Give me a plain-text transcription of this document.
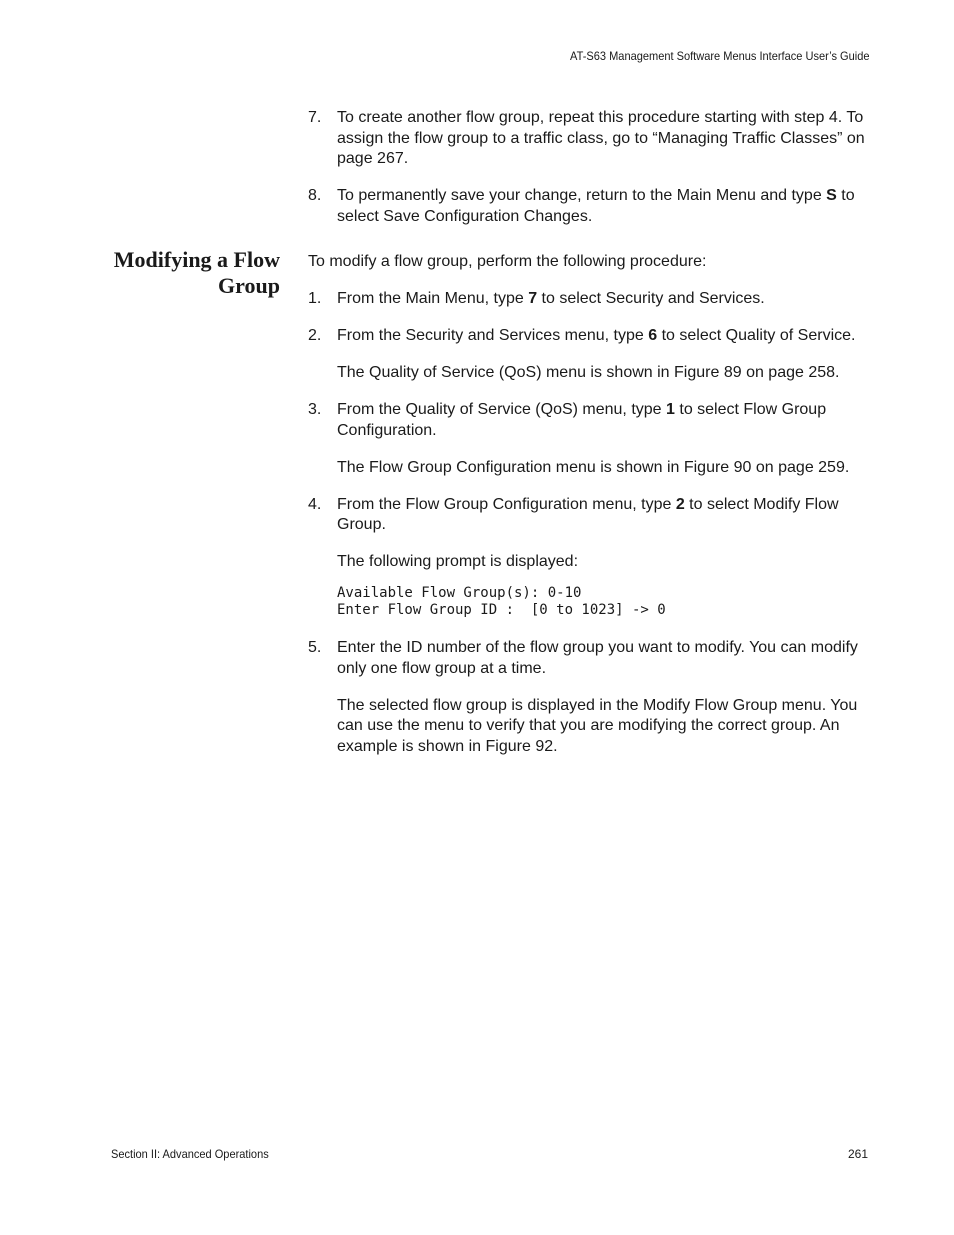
AT-S63 Management Software Menus Interface User’s Guide
7. To create another flow group, repeat this procedure starting with step 4. To assign the flow group to a traffic class, go to “Managing Traffic Classes” on page 267.
8. To permanently save your change, return to the Main Menu and type S to select Save Configuration Changes.
Modifying a Flow
Group

To modify a flow group, perform the following procedure:

1. From the Main Menu, type 7 to select Security and Services.
2. From the Security and Services menu, type 6 to select Quality of Service.

The Quality of Service (QoS) menu is shown in Figure 89 on page 258.

3. From the Quality of Service (QoS) menu, type 1 to select Flow Group Configuration.

The Flow Group Configuration menu is shown in Figure 90 on page 259.

4. From the Flow Group Configuration menu, type 2 to select Modify Flow Group.

The following prompt is displayed:

Available Flow Group(s): 0-10
Enter Flow Group ID :  [0 to 1023] -> 0
5. Enter the ID number of the flow group you want to modify. You can modify only one flow group at a time.

The selected flow group is displayed in the Modify Flow Group menu. You can use the menu to verify that you are modifying the correct group. An example is shown in Figure 92.

Section II: Advanced Operations	261
